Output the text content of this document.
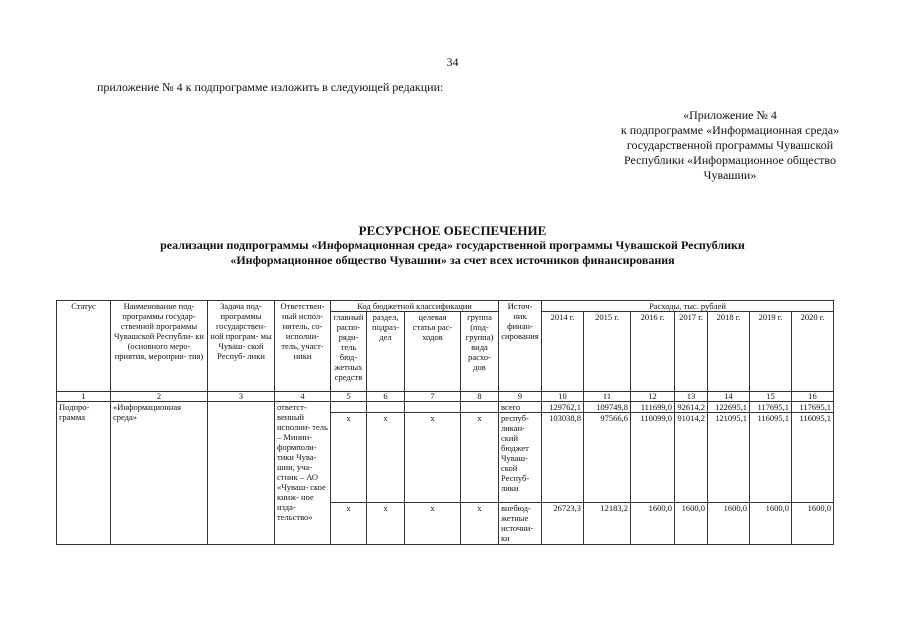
34
приложение № 4 к подпрограмме изложить в следующей редакции:
«Приложение № 4
к подпрограмме «Информационная среда»
государственной программы Чувашской
Республики «Информационное общество
Чувашии»
РЕСУРСНОЕ ОБЕСПЕЧЕНИЕ
реализации подпрограммы «Информационная среда» государственной программы Чувашской Республики
«Информационное общество Чувашии» за счет всех источников финансирования
Статус	Наименование под- программы государ- ственной программы Чувашской Республи- ки (основного меро- приятия, мероприя- тия)	Задача под- программы государствен- ной програм- мы Чуваш- ской Респуб- лики	Ответствен- ный испол- нитель, со- исполни- тель, участ- ники	Код бюджетной классификации				Источ- ник финан- сирования	Расходы, тыс. рублей						
				главный распо- ряди- тель бюд- жетных средств	раздел, подраз- дел	целевая статья рас- ходов	группа (под- группа) вида расхо- дов		2014 г.	2015 г.	2016 г.	2017 г.	2018 г.	2019 г.	2020 г.
1	2	3	4	5	6	7	8	9	10	11	12	13	14	15	16
Подпро- грамма	«Информационная среда»		ответст- венный исполни- тель – Минин- формполи- тики Чува- шии, уча- стник – АО «Чуваш- ское книж- ное изда- тельство»					всего	129762,1	109749,8	111699,0	92614,2	122695,1	117695,1	117695,1
				х	х	х	х	респуб- ликан- ский бюджет Чуваш- ской Респуб- лики	103038,8	97566,6	110099,0	91014,2	121095,1	116095,1	116095,1
				х	х	х	х	внебюд- жетные источни- ки	26723,3	12183,2	1600,0	1600,0	1600,0	1600,0	1600,0
